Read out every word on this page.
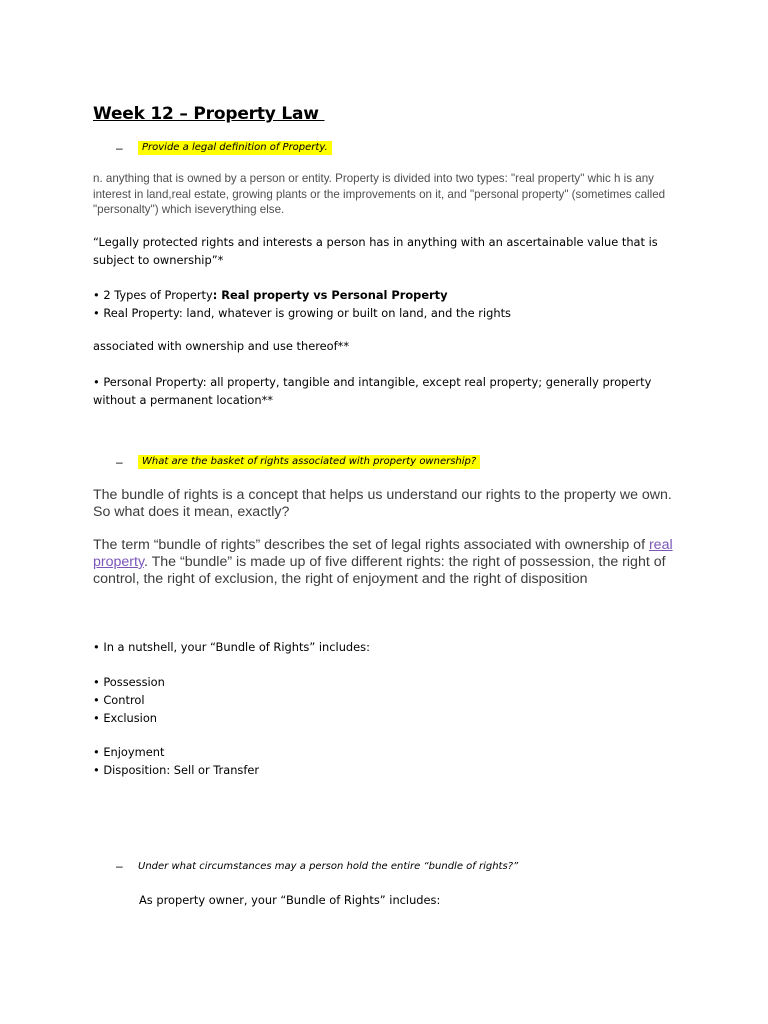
Week 12 – Property Law
–	Provide a legal definition of Property.
n. anything that is owned by a person or entity. Property is divided into two types: "real property" whic h is any interest in land,real estate, growing plants or the improvements on it, and "personal property" (sometimes called "personalty") which iseverything else.
“Legally protected rights and interests a person has in anything with an ascertainable value that is subject to ownership”*
• 2 Types of Property: Real property vs Personal Property
• Real Property: land, whatever is growing or built on land, and the rights
associated with ownership and use thereof**
• Personal Property: all property, tangible and intangible, except real property; generally property without a permanent location**
–	What are the basket of rights associated with property ownership?
The bundle of rights is a concept that helps us understand our rights to the property we own. So what does it mean, exactly?
The term “bundle of rights” describes the set of legal rights associated with ownership of real property. The “bundle” is made up of five different rights: the right of possession, the right of control, the right of exclusion, the right of enjoyment and the right of disposition
• In a nutshell, your “Bundle of Rights” includes:
• Possession
• Control
• Exclusion
• Enjoyment
• Disposition: Sell or Transfer
–	Under what circumstances may a person hold the entire “bundle of rights?”
As property owner, your “Bundle of Rights” includes:
